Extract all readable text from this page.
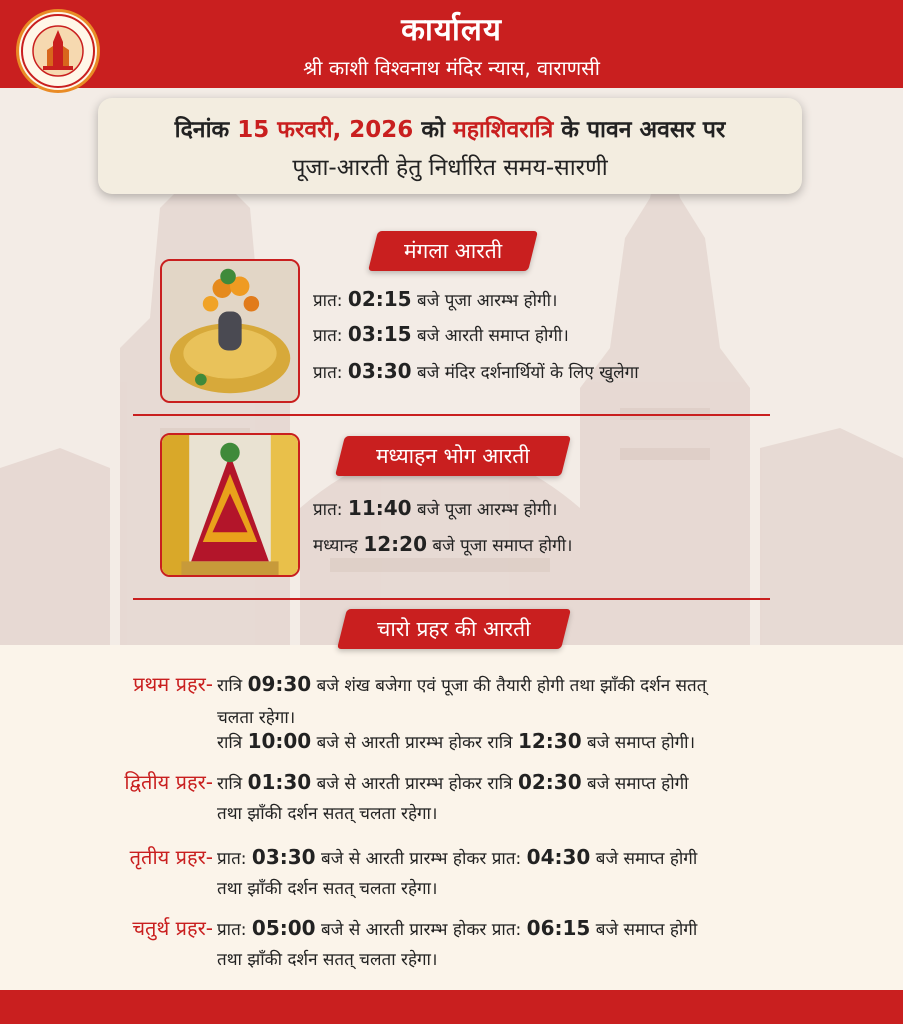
कार्यालय
श्री काशी विश्वनाथ मंदिर न्यास, वाराणसी
दिनांक 15 फरवरी, 2026 को महाशिवरात्रि के पावन अवसर पर
पूजा-आरती हेतु निर्धारित समय-सारणी
मंगला आरती
प्रात: 02:15 बजे पूजा आरम्भ होगी।
प्रात: 03:15 बजे आरती समाप्त होगी।
प्रात: 03:30 बजे मंदिर दर्शनार्थियों के लिए खुलेगा
मध्याहन भोग आरती
प्रात: 11:40 बजे पूजा आरम्भ होगी।
मध्यान्ह 12:20 बजे पूजा समाप्त होगी।
चारो प्रहर की आरती
प्रथम प्रहर- रात्रि 09:30 बजे शंख बजेगा एवं पूजा की तैयारी होगी तथा झाँकी दर्शन सतत्
चलता रहेगा।
रात्रि 10:00 बजे से आरती प्रारम्भ होकर रात्रि 12:30 बजे समाप्त होगी।
द्वितीय प्रहर- रात्रि 01:30 बजे से आरती प्रारम्भ होकर रात्रि 02:30 बजे समाप्त होगी
तथा झाँकी दर्शन सतत् चलता रहेगा।
तृतीय प्रहर- प्रात: 03:30 बजे से आरती प्रारम्भ होकर प्रात: 04:30 बजे समाप्त होगी
तथा झाँकी दर्शन सतत् चलता रहेगा।
चतुर्थ प्रहर- प्रात: 05:00 बजे से आरती प्रारम्भ होकर प्रात: 06:15 बजे समाप्त होगी
तथा झाँकी दर्शन सतत् चलता रहेगा।
